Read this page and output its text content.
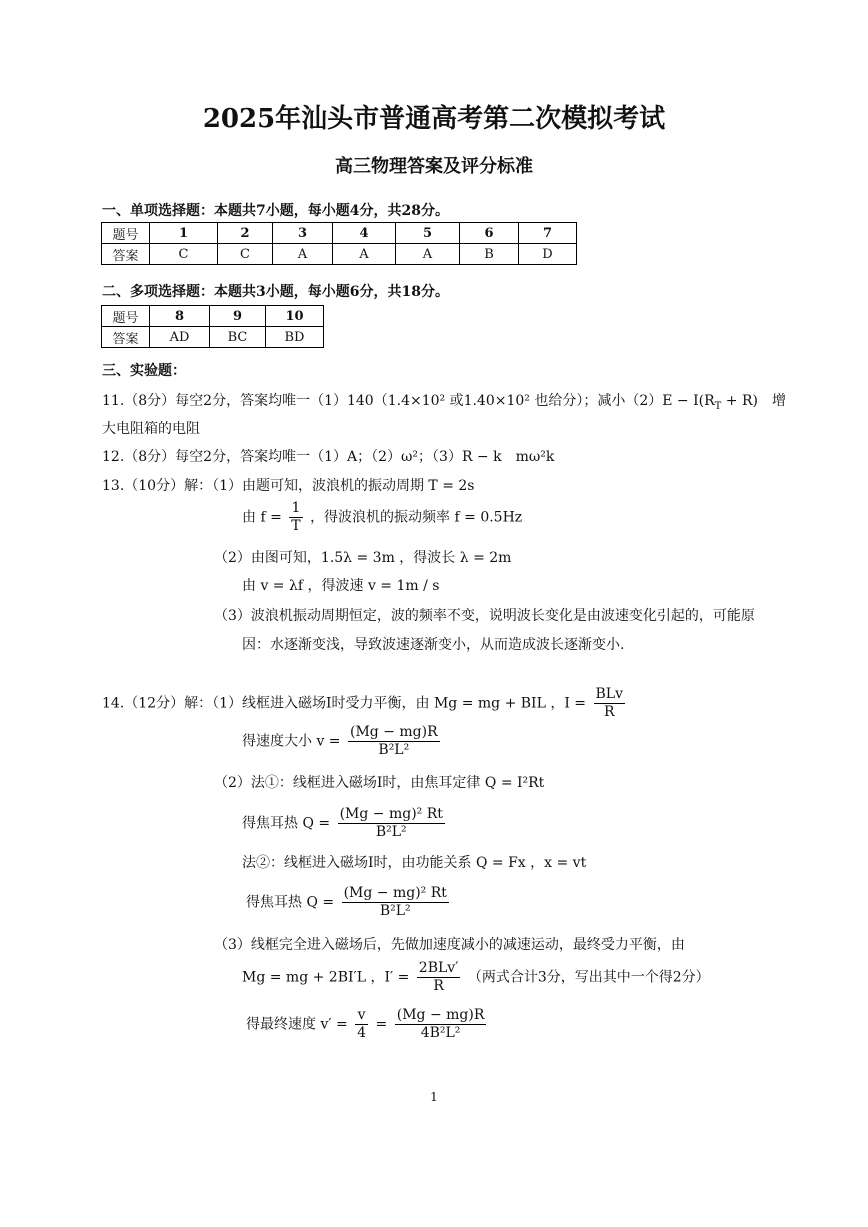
2025年汕头市普通高考第二次模拟考试
高三物理答案及评分标准
一、单项选择题：本题共7小题，每小题4分，共28分。
题号	1	2	3	4	5	6	7
答案	C	C	A	A	A	B	D
二、多项选择题：本题共3小题，每小题6分，共18分。
题号	8	9	10
答案	AD	BC	BD
三、实验题：
11.（8分）每空2分，答案均唯一（1）140（1.4×10² 或1.40×10² 也给分）；减小$(2)E - I(R_T + R)$　增
大电阻箱的电阻
12.（8分）每空2分，答案均唯一（1）A；（2）ω²；（3）R − k　mω²k
13.（10分）解：（1）由题可知，波浪机的振动周期 T = 2s
由 $f = \frac{1}{T}$ ，得波浪机的振动频率 f = 0.5Hz
（2）由图可知，1.5λ = 3m ，得波长 λ = 2m
由 v = λf ，得波速 v = 1m / s
（3）波浪机振动周期恒定，波的频率不变，说明波长变化是由波速变化引起的，可能原
因：水逐渐变浅，导致波速逐渐变小，从而造成波长逐渐变小.
14.（12分）解：（1）线框进入磁场Ⅰ时受力平衡，由 Mg = mg + BIL ，$I = \frac{\text{BLv}}{R}$
得速度大小 $v = \frac{(Mg - mg)R}{\text{B²L²}}$
（2）法①：线框进入磁场Ⅰ时，由焦耳定律 Q = I²Rt
得焦耳热 $Q = \frac{\text{(Mg − mg)² Rt}}{\text{B²L²}}$
法②：线框进入磁场Ⅰ时，由功能关系 Q = Fx ，x = vt
得焦耳热 $Q = \frac{\text{(Mg − mg)² Rt}}{\text{B²L²}}$
（3）线框完全进入磁场后，先做加速度减小的减速运动，最终受力平衡，由
Mg = mg + 2BI′L ，$I' = \frac{\text{2BLv′}}{R}$ （两式合计3分，写出其中一个得2分）
得最终速度 $v' = \frac{v}{4} = \frac{(Mg - mg)R}{\text{4B²L²}}$
1
